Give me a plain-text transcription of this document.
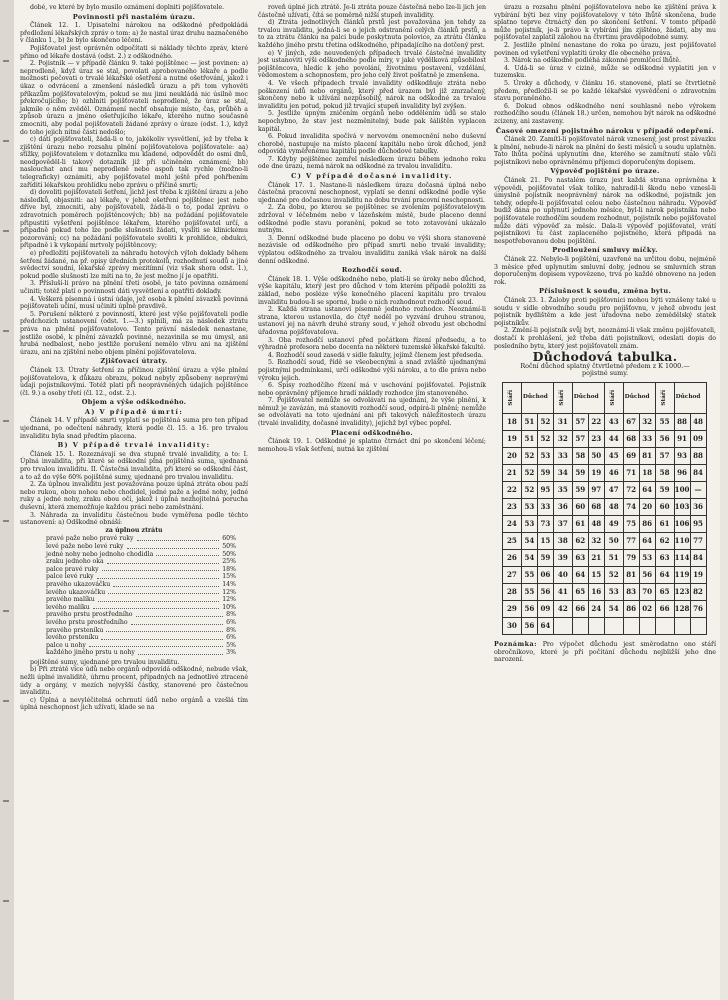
dobé, ve které by bylo musilo oznámení doplniti pojišťovatele.

Povinnosti při nastalém úrazu.

Článek 12. 1. Upisatelní nárokou na odškodné předpokládá předložení lékařských zpráv o tom: a) že nastal úraz druhu naznačeného v článku 1., b) že bylo skončeno léčení.

Pojišťovatel jest oprávněn odpočítati si náklady těchto zpráv, které přímo od lékaře dostává (odst. 2.) z odškodného.

2. Pojistník — v případě článku 9. také pojištěnec — jest povinen: a) neprodleně, když úraz se stal, povolati aprobovaného lékaře a podle možnosti pečovati o trvalé lékařské ošetření a nutné ošetřování, jakož i úkaz o odvrácení a zmenšení následků úrazu a při tom vyhověti příkazům pojišťovatelovým, pokud se mu jimi neukládá nic úsilně moc překročujícího; b) ozhlniti pojišťovateli neprodleně, že úraz se stal, jakmile o něm zvěděl. Oznámení nechť obsahuje místo, čas, průběh a způsob úrazu a jméno ošetřujícího lékaře, kterého nutno současně zmocniti, aby podal pojišťovateli žádané zprávy o úraze (odst. 1.), když do toho jejich nitné části nedošlo;

c) dáti pojišťovateli, žádá-li o to, jakékoliv vysvětlení, jež by třeba k zjištění úrazu nebo rozsahu plnění pojišťovatelova pojišťovatele: aa) sťížky, pojišťovatelem v dotazníku mu kladené, odpovědět do osmi dnů, neodpověděl-li takový dotazník již při učiněném oznámení; bb) naslouchat ancí mu neprodleně nebo aspoň tak rychle (možno-li telegraficky) oznámiti, aby pojišťovatel mohl ještě před pohřbením zařídití lékařskou prohlídku nebo zprávu o příčině smrti;

d) dovoliti pojišťovateli šetření, jichž jest třeba k zjištění úrazu a jeho následků, objasniti: aa) lékaře, v jehož ošetření pojištěnec jest nebo dříve byl, zmocniti, aby pojišťovateli, žádá-li o to, podal zprávu o zdravotních poměrech pojištěncových; bb) na požádání pojišťovatele připustiti vyšetření pojištěnce lékařem, kterého pojišťovatel určí, a připadně pokud toho lze podle slušnosti žádati, vyslíti se klinickému pozorování; cc) na požádání pojišťovatele svoliti k prohlídce, obdukci, připadně i k vykopání mrtvoly pojištěncovy;

e) předložiti pojišťovateli za náhradu hotových výloh doklady během šetření žádané, na př. opisy úředních protokolů, rozhodnutí soudů a jiné svědectví soudní, lékařské zprávy mezitímní (viz však shora odst. 1.), pokud podle slušnosti lze míti na to, že jest možno jí je opatřiti.

3. Přísluší-li právo na plnění třetí osobě, je tato povinna oznámení učiniti; totéž platí o povinnosti dáti vysvětlení a opatřiti doklady.

4. Veškerá písemná i ústní údaje, jež osoba k plnění závazků povinná pojišťovateli učiní, musí učiniti úplně pravdivě.

5. Porušení některé z povinností, které jest výše pojišťovateli podle předchozích ustanovení (odst. 1.—3.) splnili, má za následek ztrátu práva na plnění pojišťovatelovo. Tento právní následek nenastane, jestliže osobě, k plnění závazků povinné, nezavinila se mu úmysl, ani hrubá nedbalost, nebo jestliže porušení nemělo vlivu ani na zjištění úrazu, ani na zjištění nebo objem plnění pojišťovatelova.

Zjišťovací útraty.

Článek 13. Útraty šetření za příčinou zjištění úrazu a výše plnění pojišťovatelova, k důkazu obrazu, pokud nebyly způsobeny nepravými údaji pojistníkovými. Totéž platí při neoprávněných údajích pojištěnce (čl. 9.) a osoby třetí (čl. 12., odst. 2.).

Objem a výše odškodného.
A) V případě úmrtí:

Článek 14. V případě smrti vyplatí se pojištěná suma pro ten případ ujednaná, po odečtení náhrady, která podle čl. 15. a 16. pro trvalou invaliditu byla snad předtím placena.

B) V případě trvalé invalidity:

Článek 15. 1. Rozeznávají se dva stupně trvalé invalidity, a to: I. Úplná invalidita, při které se odškodní plná pojištěná suma, ujednaná pro trvalou invaliditu. II. Částečná invalidita, při které se odškodní část, a to až do výše 60% pojištěné sumy, ujednané pro trvalou invaliditu.

2. Za úplnou invaliditu jest považována pouze úplná ztráta obou paží nebo rukou, obou nohou nebo chodidel, jedné paže a jedné nohy, jedné ruky a jedné nohy, zraku obou očí, jakož i úplná nezhojitelná porucha duševní, která znemožňuje každou práci nebo zaměstnání.

3. Náhrada za invaliditu částečnou bude vyměřena podle těchto ustanovení: a) Odškodné obnáší:

za úplnou ztrátu

pravé paže nebo pravé ruky	60%
levé paže nebo levé ruky	50%
jedné nohy nebo jednoho chodidla	50%
zraku jednoho oka	25%
palce pravé ruky	18%
palce levé ruky	15%
pravého ukazováčku	14%
levého ukazováčku	12%
pravého malíku	12%
levého malíku	10%
pravého prstu prostředního	8%
levého prstu prostředního	6%
pravého prsteníku	8%
levého prsteníku	6%
palce u nohy	5%
každého jiného prstu u nohy	3%

pojištěné sumy, ujednané pro trvalou invaliditu.

b) Při ztrátě více údů nebo orgánů odpovídá odškodné, nebude však, nežli úplné invaliditě, úhrnu procent, případných na jednotlivé ztracené údy a orgány, v mezích nejvyšší částky, stanovené pro částečnou invaliditu.

c) Úplná a nevyléčitelná ochrnutí údů nebo orgánů a vzešlá tím úplná neschopnost jich užívati, klade se na

roveň úplné jich ztrátě. Je-li ztráta pouze částečná nebo lze-li jich jen částečně užívati, čítá se poměrně nižší stupeň invalidity.

d) Ztráta jednotlivých článků prstů jest považována jen tehdy za trvalou invaliditu, jedná-li se o jejich odstranění celých článků prstů, a to za ztrátu článku na palci bude poskytnuta polovice, za ztrátu článku každého jiného prstu třetina odškodného, připadajícího na dotčený prst.

e) V jiných, zde neuvedených případech trvalé částečné invalidity jest ustanoviti výši odškodného podle míry, v jaké výdělková způsobilost pojištěncova, hledíc k jeho povolání, životnímu postavení, vzdělání, vědomostem a schopnostem, pro jeho celý život poštatně je zmenšena.

4. Ve všech případech trvalé invalidity odškodňuje ztráta nebo poškození údů nebo orgánů, který před úrazem byl již zmrzačený, skončeny nebo k užívání nezpůsobilý, nárok na odškodné za trvalou invaliditu jen potud, pokud již trvající stupeň invalidity byl zvýšen.

5. Jestliže úpným zničením orgánů nebo oddělením údů se stalo nepochybno, že stav jest nezměnitelný, bude pak šálištěn vyplacen kapitál.

6. Pokud invalidita spočívá v nervovém onemocnění nebo duševní chorobě, nastupuje na místo placení kapitálu nebo úrok důchod, jenž odpovídá vyměřenému kapitálu podle důchodové tabulky.

7. Kdyby pojištěnec zemřel následkem úrazu během jednoho roku ode dne úrazu, nemá nárok na odškodné za trvalou invaliditu.

C) V případě dočasné invalidity.

Článek 17. 1. Nastane-li následkem úrazu dočasná úplná nebo částečná pracovní neschopnost, vyplatí se denní odškodné podle výše ujednané pro dočasnou invaliditu na dobu trvání pracovní neschopnosti.

2. Za dobu, po kterou se pojištěnec se zvolením pojišťovatelovým zdržoval v léčebném nebo v lázeňském místě, bude placeno denní odškodné podle stavu poranění, pokud se toto zotavování ukázalo nutným.

3. Denní odškodné bude placeno po dobu ve výši shora stanovené nezávisle od odškodného pro případ smrti nebo trvalé invalidity; výplatou odškodného za trvalou invaliditu zaniká však nárok na další denní odškodné.

Rozhodčí soud.

Článek 18. 1. Výše odškodného nebo, platí-li se úroky nebo důchod, výše kapitálu, který jest pro důchod v tom kterém případě položiti za základ, nebo posléze výše konečného placení kapitálu pro trvalou invaliditu budou-li se sporné, bude o nich rozhodnout rozhodčí soud.

2. Každá strana ustanoví písemně jednoho rozhodce. Neoznámí-li strana, kterou ustanovila, do čtyř neděl po vyzvání druhou stranou, ustanoví jej na návrh druhé strany soud, v jehož obvodu jest obchodní úřadovna pojišťovatelova.

3. Oba rozhodčí ustanoví před počátkem řízení předsedu, a to výhradně profesora nebo docenta na některé tuzemské lékařské fakultě.

4. Rozhodčí soud zasedá v sídle fakulty, jejímž členem jest předseda.

5. Rozhodčí soud, řídě se všeobecnými a snad zvláště ujednanými pojistnými podmínkami, určí odškodné výši nároku, a to dle práva nebo výroku jejich.

6. Spisy rozhodčího řízení má v uschování pojišťovatel. Pojistník nebo oprávněný příjemce hradí náklady rozhodce jím stanoveného.

7. Pojišťovatel nemůže se odvolávati na ujednání, že výše plnění, k němuž je zavázán, má stanoviti rozhodčí soud, odpírá-li plnění; nemůže se odvolávati na toto ujednání ani při takových náležitostech úrazu (trvalé invalidity, dočasné invalidity), jejichž byl výbec popřel.

Placení odškodného.

Článek 19. 1. Odškodné je splatno čtrnáct dní po skončení léčení; nemohou-li však šetření, nutná ke zjištění

úrazu a rozsahu plnění pojišťovatelova nebo ke zjištění práva k vybírání býti bez viny pojišťovatelovy v této lhůtě skončena, bude splatno teprve čtrnáctý den po skončení šetření. V tomto případě může pojistník, je-li právo k vybírání jím zjištěno, žádati, aby mu pojišťovatel zaplatil zálohou na čtvrtinu pravděpodobné sumy.

2. Jestliže plnění nenastane do roka po úrazu, jest pojišťovatel povinen od vyšetření vyplatiti úroky dle obecného práva.

3. Nárok na odškodné podléhá zákonné promlčecí lhůtě.

4. Udá-li se úraz v cizině, může se odškodné vyplatiti jen v tuzemsku.

5. Úroky a důchody, v článku 16. stanovené, platí se čtvrtletně předem, předložil-li se po každé lékařské vysvědčení o zdravotním stavu poraněného.

6. Dokud obnos odškodného není souhlasně nebo výrokem rozhodčího soudu (článek 18.) určen, nemohou být nárok na odškodné zcizeny, ani zastaveny.

Časové omezení pojistného nároku v případě odepření.

Článek 20. Zamítl-li pojišťovatel nárok vznesený, jest prost závazku k plnění, nebude-li nárok na plnění do šesti měsíců u soudu uplatněn. Tato lhůta počíná uplynutím dne, kterého se zamítnutí stalo vůči pojistníkovi nebo oprávněnému příjemci doporučeným dopisem.

Výpověď pojištění po úraze.

Článek 21. Po nastalém úrazu jest každá strana oprávněna k výpovědi, pojišťovatel však toliko, nahradil-li škodu nebo vznesl-li úmyslně pojistník neoprávněný nárok na odškodné, pojistník jen tehdy, odepře-li pojišťovatel celou nebo částečnou náhradu. Výpověď budiž dána po uplynutí jednoho měsíce, byl-li nárok pojistníka nebo pojišťovatele rozhodčím soudem rozhodnut, pojistník nebo pojišťovatel může dáti výpověď za měsíc. Dala-li výpověď pojišťovatel, vrátí pojistníkovi tu část zaplaceného pojistného, která připadá na nespotřebovanou dobu pojištění.

Prodloužení smluvy míčky.

Článek 22. Nebylo-li pojištění, uzavřené na určitou dobu, nejméně 3 měsíce před uplynutím smluvní doby, jednou se smluvních stran doporučeným dopisem vypovězeno, trvá po každé obnoveno na jeden rok.

Příslušnost k soudu, změna bytu.

Článek 23. 1. Žaloby proti pojišťovnici mohou býti vznášeny také u soudu v sídle obvodního soudu pro pojišťovnu, v jehož obvodu jest pojistník bydlištěm a kde jest úřadovna nebo zemědělský statek pojistníkův.

2. Změní-li pojistník svůj byt, neoznámí-li však změnu pojišťovateli, dostačí k prohlášení, jež třeba dáti pojistníkovi, odeslati dopis do posledního bytu, který jest pojišťovateli znám.

Důchodová tabulka.
Roční důchod splatný čtvrtletně předem z K 1000.—
pojistné sumy.
Stáří	Důchod		Stáří	Důchod		Stáří	Důchod		Stáří	Důchod	
18	51	52	31	57	22	43	67	32	55	88	48
19	51	52	32	57	23	44	68	33	56	91	09
20	52	53	33	58	50	45	69	81	57	93	88
21	52	59	34	59	19	46	71	18	58	96	84
22	52	95	35	59	97	47	72	64	59	100	—
23	53	33	36	60	68	48	74	20	60	103	36
24	53	73	37	61	48	49	75	86	61	106	95
25	54	15	38	62	32	50	77	64	62	110	77
26	54	59	39	63	21	51	79	53	63	114	84
27	55	06	40	64	15	52	81	56	64	119	19
28	55	56	41	65	16	53	83	70	65	123	82
29	56	09	42	66	24	54	86	02	66	128	76
30	56	64									
Poznámka: Pro výpočet důchodu jest směrodatno ono stáří obročníkovo, které je při počítání důchodu nejbližší jeho dne narození.
